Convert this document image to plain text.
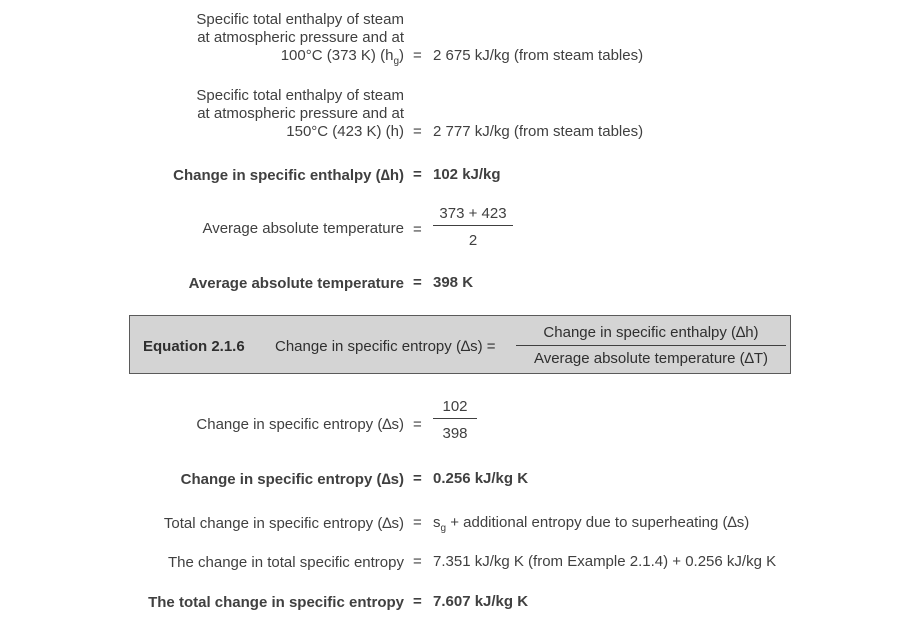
Specific total enthalpy of steam
at atmospheric pressure and at
100°C (373 K) $(h_g) = 2$ 675 kJ/kg (from steam tables)
Specific total enthalpy of steam
at atmospheric pressure and at
150°C (423 K) (h) = 2 777 kJ/kg (from steam tables)
Change in specific enthalpy (∆h) = 102 kJ/kg
Average absolute temperature =
373 + 423
2
Average absolute temperature = 398 K
Equation 2.1.6 Change in specific entropy (∆s) =
Change in specific enthalpy (∆h)
Average absolute temperature (∆T)
Change in specific entropy (∆s) =
102
398
Change in specific entropy (∆s) = 0.256 kJ/kg K
Total change in specific entropy $(\Delta s) = s_g$ + additional entropy due to superheating (∆s)
The change in total specific entropy = 7.351 kJ/kg K (from Example 2.1.4) + 0.256 kJ/kg K
The total change in specific entropy = 7.607 kJ/kg K
